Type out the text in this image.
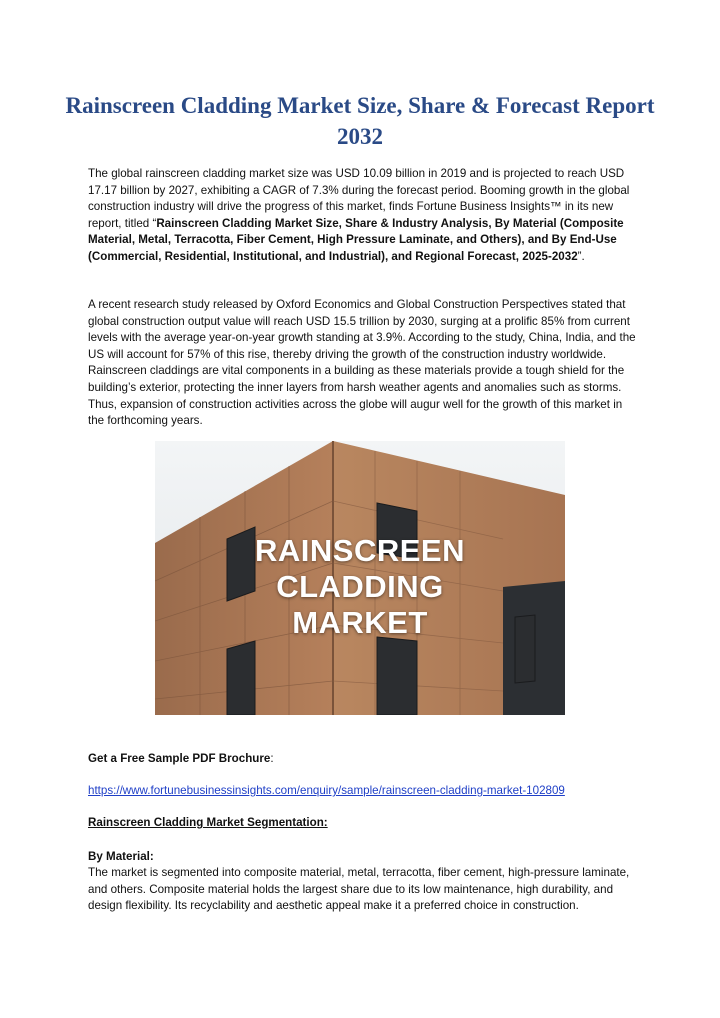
Rainscreen Cladding Market Size, Share & Forecast Report 2032

The global rainscreen cladding market size was USD 10.09 billion in 2019 and is projected to reach USD 17.17 billion by 2027, exhibiting a CAGR of 7.3% during the forecast period. Booming growth in the global construction industry will drive the progress of this market, finds Fortune Business Insights™ in its new report, titled “Rainscreen Cladding Market Size, Share & Industry Analysis, By Material (Composite Material, Metal, Terracotta, Fiber Cement, High Pressure Laminate, and Others), and By End-Use (Commercial, Residential, Institutional, and Industrial), and Regional Forecast, 2025-2032”.

A recent research study released by Oxford Economics and Global Construction Perspectives stated that global construction output value will reach USD 15.5 trillion by 2030, surging at a prolific 85% from current levels with the average year-on-year growth standing at 3.9%. According to the study, China, India, and the US will account for 57% of this rise, thereby driving the growth of the construction industry worldwide. Rainscreen claddings are vital components in a building as these materials provide a tough shield for the building’s exterior, protecting the inner layers from harsh weather agents and anomalies such as storms. Thus, expansion of construction activities across the globe will augur well for the growth of this market in the forthcoming years.

RAINSCREEN
CLADDING
MARKET

Get a Free Sample PDF Brochure:

https://www.fortunebusinessinsights.com/enquiry/sample/rainscreen-cladding-market-102809

Rainscreen Cladding Market Segmentation:

By Material:

The market is segmented into composite material, metal, terracotta, fiber cement, high-pressure laminate, and others. Composite material holds the largest share due to its low maintenance, high durability, and design flexibility. Its recyclability and aesthetic appeal make it a preferred choice in construction.
